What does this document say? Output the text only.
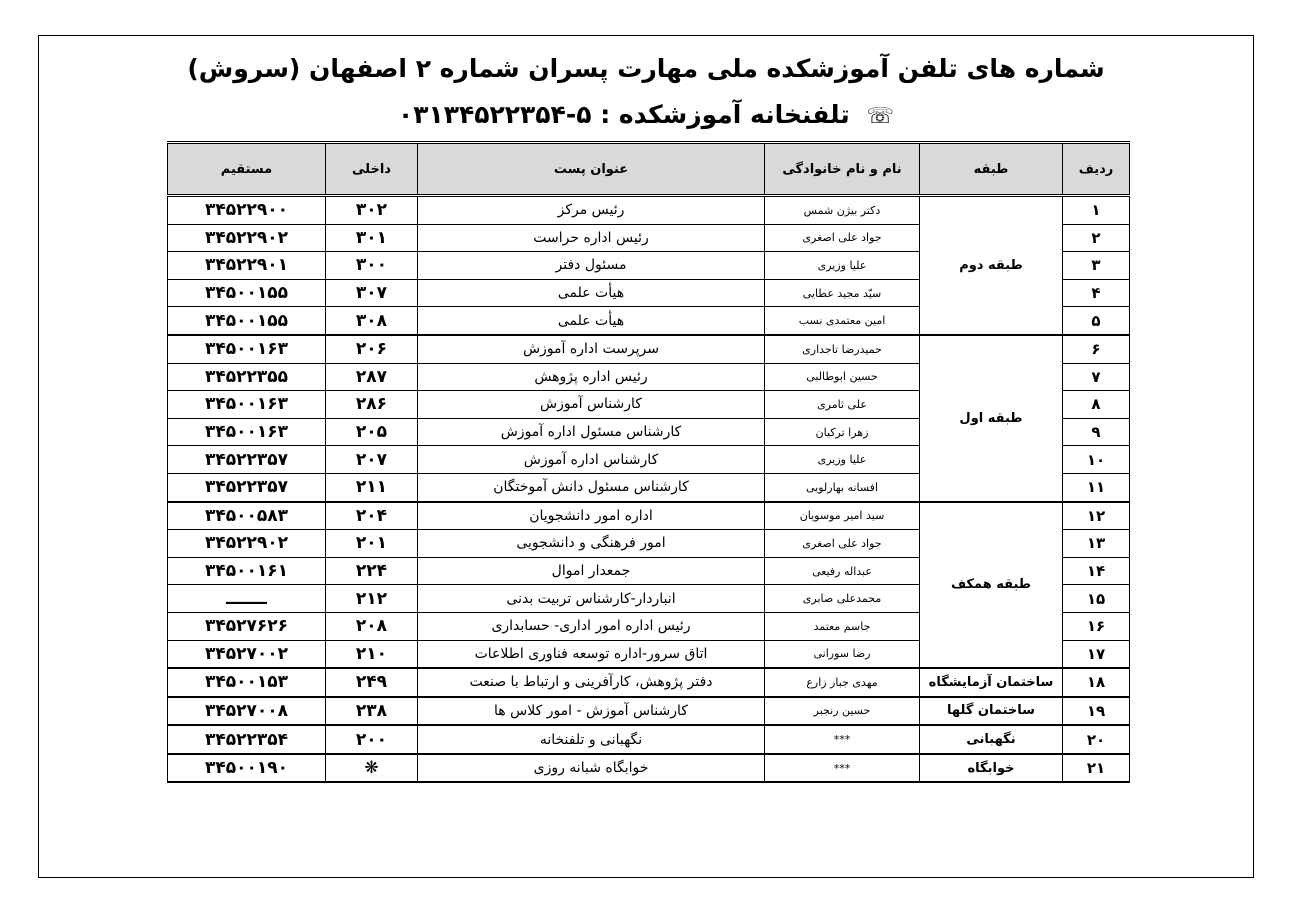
شماره های تلفن آموزشکده ملی مهارت پسران شماره ۲ اصفهان (سروش)
☏ تلفنخانه آموزشکده : ۵-۰۳۱۳۴۵۲۲۳۵۴
ردیف	طبقه	نام و نام خانوادگی	عنوان پست	داخلی	مستقیم
۱	طبقه دوم	دکتر بیژن شمس	رئیس مرکز	۳۰۲	۳۴۵۲۲۹۰۰
۲		جواد علی اصغری	رئیس اداره حراست	۳۰۱	۳۴۵۲۲۹۰۲
۳		علیا وزیری	مسئول دفتر	۳۰۰	۳۴۵۲۲۹۰۱
۴		سیّد مجید عطایی	هیأت علمی	۳۰۷	۳۴۵۰۰۱۵۵
۵		امین معتمدی نسب	هیأت علمی	۳۰۸	۳۴۵۰۰۱۵۵
۶	طبقه اول	حمیدرضا تاجداری	سرپرست اداره آموزش	۲۰۶	۳۴۵۰۰۱۶۳
۷		حسین ابوطالبی	رئیس اداره پژوهش	۲۸۷	۳۴۵۲۲۳۵۵
۸		علی ثامری	کارشناس آموزش	۲۸۶	۳۴۵۰۰۱۶۳
۹		زهرا ترکیان	کارشناس مسئول اداره آموزش	۲۰۵	۳۴۵۰۰۱۶۳
۱۰		علیا وزیری	کارشناس اداره آموزش	۲۰۷	۳۴۵۲۲۳۵۷
۱۱		افسانه بهارلویی	کارشناس مسئول دانش آموختگان	۲۱۱	۳۴۵۲۲۳۵۷
۱۲	طبقه همکف	سید امیر موسویان	اداره امور دانشجویان	۲۰۴	۳۴۵۰۰۵۸۳
۱۳		جواد علی اصغری	امور فرهنگی و دانشجویی	۲۰۱	۳۴۵۲۲۹۰۲
۱۴		عبداله رفیعی	جمعدار اموال	۲۲۴	۳۴۵۰۰۱۶۱
۱۵		محمدعلی صابری	انباردار-کارشناس تربیت بدنی	۲۱۲	ـــــــ
۱۶		جاسم معتمد	رئیس اداره امور اداری- حسابداری	۲۰۸	۳۴۵۲۷۶۲۶
۱۷		رضا سورانی	اتاق سرور-اداره توسعه فناوری اطلاعات	۲۱۰	۳۴۵۲۷۰۰۲
۱۸	ساختمان آزمایشگاه	مهدی جبار زارع	دفتر پژوهش، کارآفرینی و ارتباط با صنعت	۲۴۹	۳۴۵۰۰۱۵۳
۱۹	ساختمان گلها	حسین رنجبر	کارشناس آموزش - امور کلاس ها	۲۳۸	۳۴۵۲۷۰۰۸
۲۰	نگهبانی	***	نگهبانی و تلفنخانه	۲۰۰	۳۴۵۲۲۳۵۴
۲۱	خوابگاه	***	خوابگاه شبانه روزی	❋	۳۴۵۰۰۱۹۰
